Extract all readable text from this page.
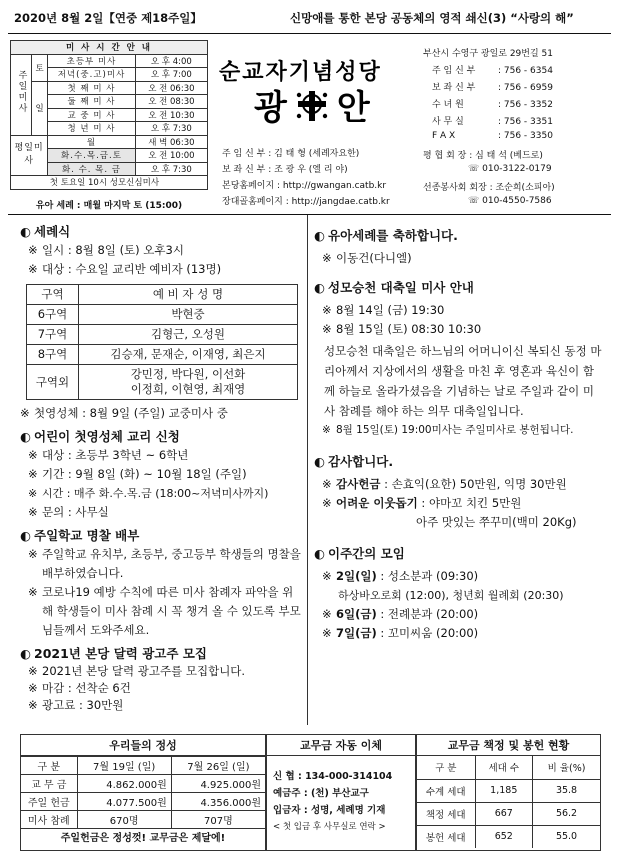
2020년 8월 2일【연중 제18주일】	신망애를 통한 본당 공동체의 영적 쇄신(3) “사랑의 해”
미 사 시 간 안 내			
주일미사	토	초등부 미사	오 후 4:00
		저녁(중.고)미사	오 후 7:00
	일	첫 째 미 사	오 전 06:30
		둘 째 미 사	오 전 08:30
		교 중 미 사	오 전 10:30
		청 년 미 사	오 후 7:30
평일미사		월	새 벽 06:30
		화.수.목.금.토	오 전 10:00
		화. 수. 목. 금	오 후 7:30
		첫 토요일 10시 성모신심미사	
유아 세례 : 매월 마지막 토 (15:00)
순교자기념성당
광 안
주 임 신 부 : 김 태 형 (세례자요한)
보 좌 신 부 : 조 광 우 (엘 리 야)
본당홈페이지 : http://gwangan.catb.kr
장대골홈페이지 : http://jangdae.catb.kr
부산시 수영구 광일로 29번길 51
주 임 신 부	: 756 - 6354
보 좌 신 부	: 756 - 6959
수 녀 원	: 756 - 3352
사 무 실	: 756 - 3351
F A X	: 756 - 3350
평 협 회 장 : 심 태 석 (베드로)
☏ 010-3122-0179
선종봉사회 회장 : 조순희(소피아)
☏ 010-4550-7586
◐ 세례식
※ 일시 : 8월 8일 (토) 오후3시
※ 대상 : 수요일 교리반 예비자 (13명)
구역	예 비 자 성 명
6구역	박현중
7구역	김형근, 오성원
8구역	김승재, 문재순, 이재영, 최은지
구역외	강민정, 박다원, 이선화
이정희, 이현영, 최재영
※ 첫영성체 : 8월 9일 (주일) 교중미사 중
◐ 어린이 첫영성체 교리 신청
※ 대상 : 초등부 3학년 ~ 6학년
※ 기간 : 9월 8일 (화) ~ 10월 18일 (주일)
※ 시간 : 매주 화.수.목.금 (18:00~저녁미사까지)
※ 문의 : 사무실
◐ 주일학교 명찰 배부
※ 주일학교 유치부, 초등부, 중고등부 학생들의 명찰을 배부하였습니다.
※ 코로나19 예방 수칙에 따른 미사 참례자 파악을 위해 학생들이 미사 참례 시 꼭 챙겨 올 수 있도록 부모님들께서 도와주세요.
◐ 2021년 본당 달력 광고주 모집
※ 2021년 본당 달력 광고주를 모집합니다.
※ 마감 : 선착순 6건
※ 광고료 : 30만원
◐ 유아세례를 축하합니다.
※ 이동건(다니엘)
◐ 성모승천 대축일 미사 안내
※ 8월 14일 (금) 19:30
※ 8월 15일 (토) 08:30 10:30
성모승천 대축일은 하느님의 어머니이신 복되신 동정 마리아께서 지상에서의 생활을 마친 후 영혼과 육신이 함께 하늘로 올라가셨음을 기념하는 날로 주일과 같이 미사 참례를 해야 하는 의무 대축일입니다.
※ 8월 15일(토) 19:00미사는 주일미사로 봉헌됩니다.
◐ 감사합니다.
※ 감사헌금 : 손효익(요한) 50만원, 익명 30만원
※ 어려운 이웃돕기 : 야마꼬 치킨 5만원
아주 맛있는 쭈꾸미(백미 20Kg)
◐ 이주간의 모임
※ 2일(일) : 성소분과 (09:30)
하상바오로회 (12:00), 청년회 월례회 (20:30)
※ 6일(금) : 전례분과 (20:00)
※ 7일(금) : 꼬미씨움 (20:00)
우리들의 정성
구 분	7월 19일 (일)	7월 26일 (일)
교 무 금	4.862.000원	4.925.000원
주일 헌금	4.077.500원	4.356.000원
미사 참례	670명	707명
주일헌금은 정성껏! 교무금은 제달에!
교무금 자동 이체
신 협 : 134-000-314104
예금주 : (천) 부산교구
입금자 : 성명, 세례명 기재
< 첫 입금 후 사무실로 연락 >
교무금 책정 및 봉헌 현황
구 분	세대 수	비 율(%)
수계 세대	1,185	35.8
책정 세대	667	56.2
봉헌 세대	652	55.0
